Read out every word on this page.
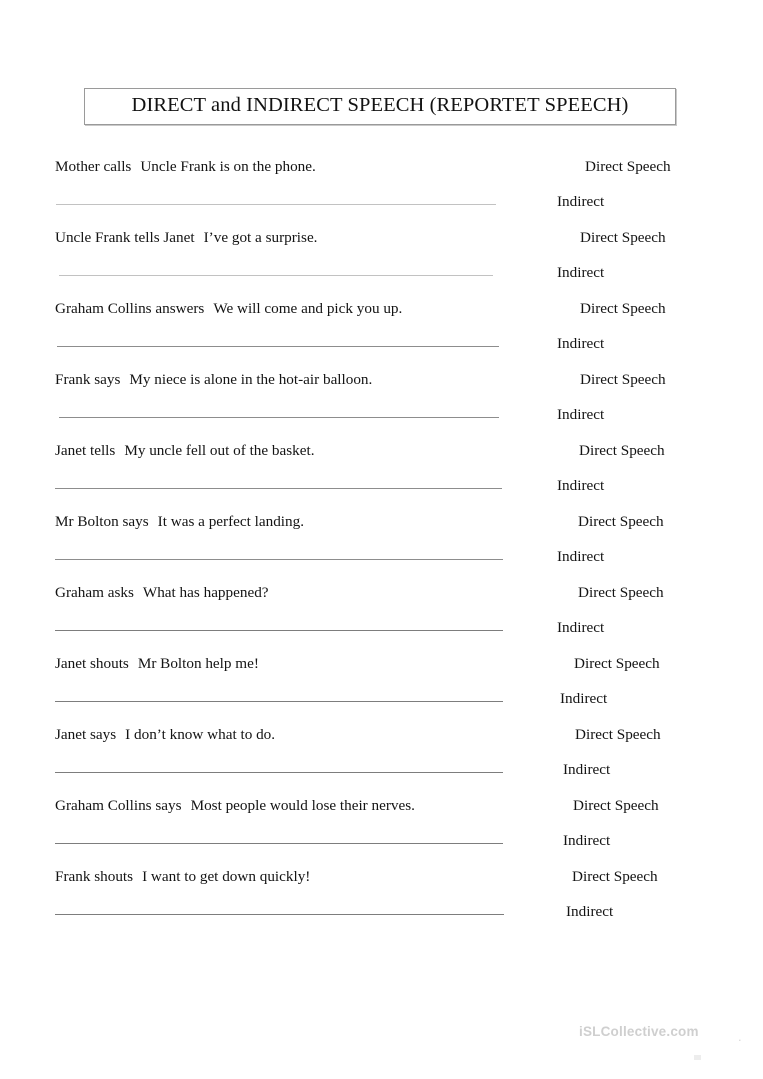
DIRECT and INDIRECT SPEECH (REPORTET SPEECH)
Mother calls Uncle Frank is on the phone.	Direct Speech
Indirect
Uncle Frank tells Janet I’ve got a surprise.	Direct Speech
Indirect
Graham Collins answers We will come and pick you up.	Direct Speech
Indirect
Frank says My niece is alone in the hot-air balloon.	Direct Speech
Indirect
Janet tells My uncle fell out of the basket.	Direct Speech
Indirect
Mr Bolton says It was a perfect landing.	Direct Speech
Indirect
Graham asks What has happened?	Direct Speech
Indirect
Janet shouts Mr Bolton help me!	Direct Speech
Indirect
Janet says I don’t know what to do.	Direct Speech
Indirect
Graham Collins says Most people would lose their nerves.	Direct Speech
Indirect
Frank shouts I want to get down quickly!	Direct Speech
Indirect
iSLCollective.com	.
